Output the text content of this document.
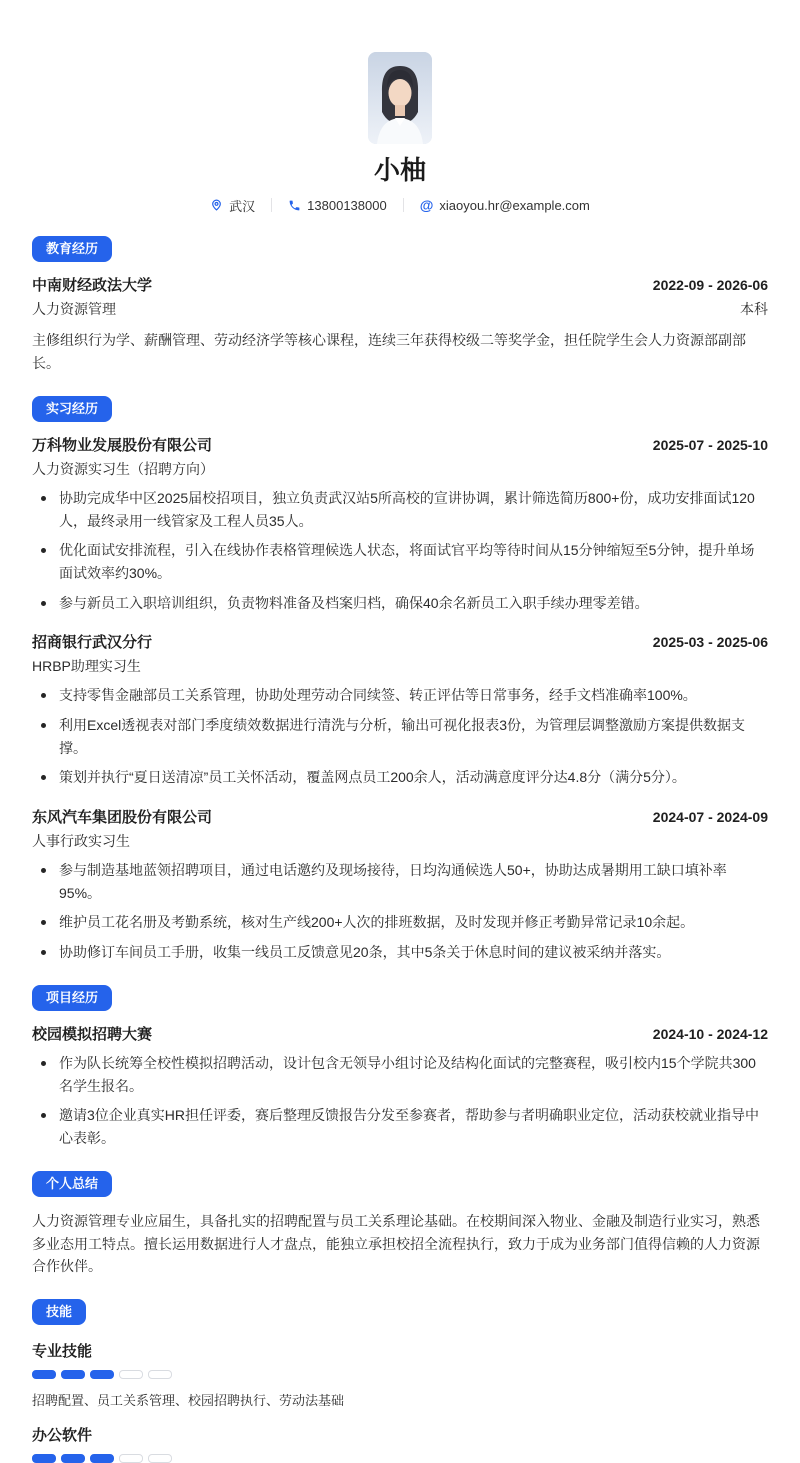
小柚
武汉	13800138000 @ xiaoyou.hr@example.com
教育经历
中南财经政法大学	2022-09 - 2026-06
人力资源管理	本科

主修组织行为学、薪酬管理、劳动经济学等核心课程，连续三年获得校级二等奖学金，担任院学生会人力资源部副部长。

实习经历
万科物业发展股份有限公司	2025-07 - 2025-10
人力资源实习生（招聘方向）
协助完成华中区2025届校招项目，独立负责武汉站5所高校的宣讲协调，累计筛选简历800+份，成功安排面试120人，最终录用一线管家及工程人员35人。
优化面试安排流程，引入在线协作表格管理候选人状态，将面试官平均等待时间从15分钟缩短至5分钟，提升单场面试效率约30%。
参与新员工入职培训组织，负责物料准备及档案归档，确保40余名新员工入职手续办理零差错。
招商银行武汉分行	2025-03 - 2025-06
HRBP助理实习生
支持零售金融部员工关系管理，协助处理劳动合同续签、转正评估等日常事务，经手文档准确率100%。
利用Excel透视表对部门季度绩效数据进行清洗与分析，输出可视化报表3份，为管理层调整激励方案提供数据支撑。
策划并执行“夏日送清凉”员工关怀活动，覆盖网点员工200余人，活动满意度评分达4.8分（满分5分）。
东风汽车集团股份有限公司	2024-07 - 2024-09
人事行政实习生
参与制造基地蓝领招聘项目，通过电话邀约及现场接待，日均沟通候选人50+，协助达成暑期用工缺口填补率95%。
维护员工花名册及考勤系统，核对生产线200+人次的排班数据，及时发现并修正考勤异常记录10余起。
协助修订车间员工手册，收集一线员工反馈意见20条，其中5条关于休息时间的建议被采纳并落实。
项目经历
校园模拟招聘大赛	2024-10 - 2024-12
作为队长统筹全校性模拟招聘活动，设计包含无领导小组讨论及结构化面试的完整赛程，吸引校内15个学院共300名学生报名。
邀请3位企业真实HR担任评委，赛后整理反馈报告分发至参赛者，帮助参与者明确职业定位，活动获校就业指导中心表彰。
个人总结

人力资源管理专业应届生，具备扎实的招聘配置与员工关系理论基础。在校期间深入物业、金融及制造行业实习，熟悉多业态用工特点。擅长运用数据进行人才盘点，能独立承担校招全流程执行，致力于成为业务部门值得信赖的人力资源合作伙伴。

技能
专业技能
招聘配置、员工关系管理、校园招聘执行、劳动法基础
办公软件
